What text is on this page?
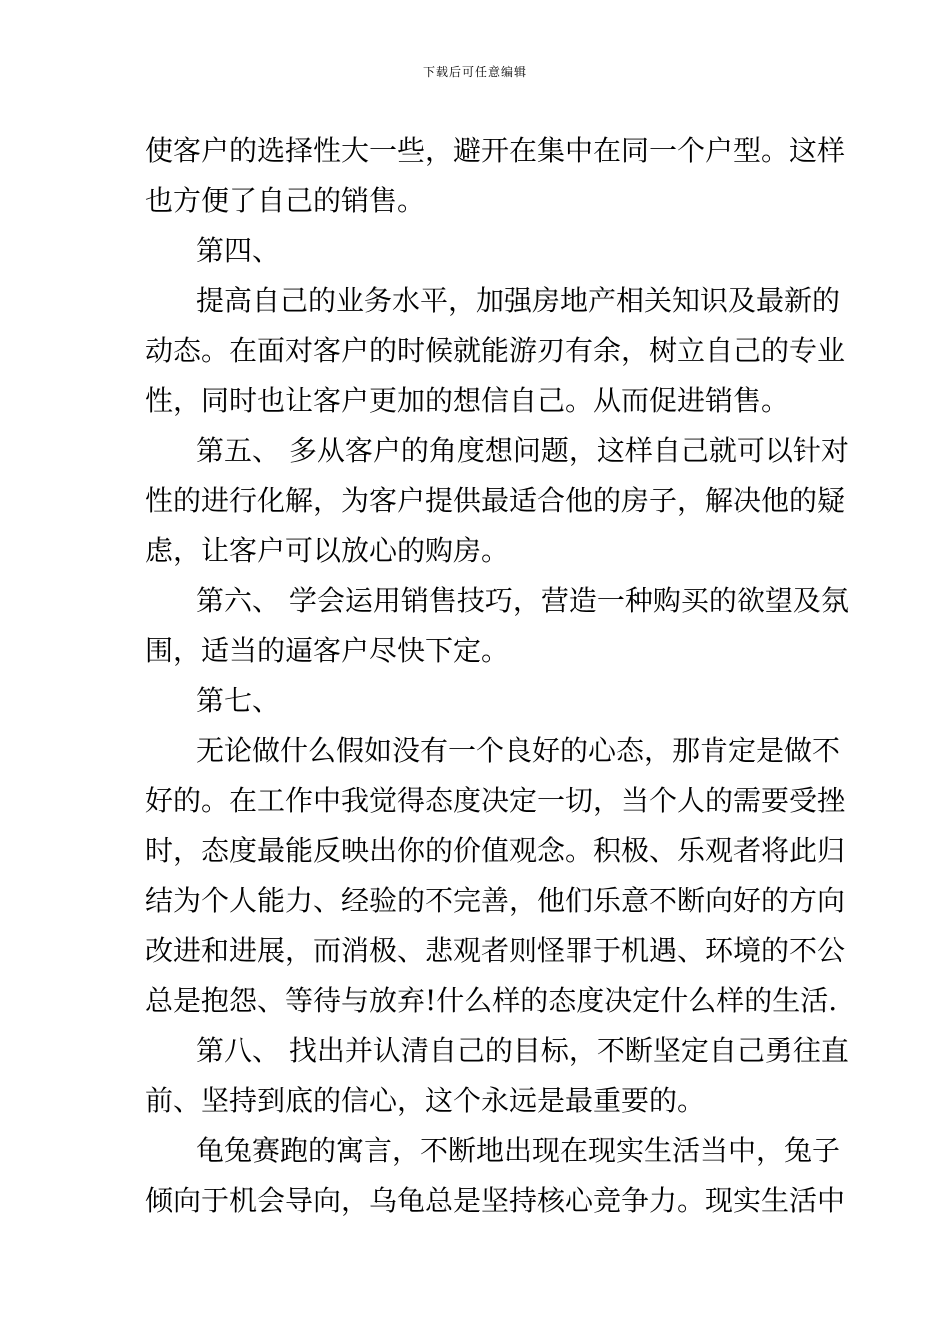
下载后可任意编辑
使客户的选择性大一些，避开在集中在同一个户型。这样
也方便了自己的销售。
第四、
提高自己的业务水平，加强房地产相关知识及最新的
动态。在面对客户的时候就能游刃有余，树立自己的专业
性，同时也让客户更加的想信自己。从而促进销售。
第五、 多从客户的角度想问题，这样自己就可以针对
性的进行化解，为客户提供最适合他的房子，解决他的疑
虑，让客户可以放心的购房。
第六、 学会运用销售技巧，营造一种购买的欲望及氛
围，适当的逼客户尽快下定。
第七、
无论做什么假如没有一个良好的心态，那肯定是做不
好的。在工作中我觉得态度决定一切，当个人的需要受挫
时，态度最能反映出你的价值观念。积极、乐观者将此归
结为个人能力、经验的不完善，他们乐意不断向好的方向
改进和进展，而消极、悲观者则怪罪于机遇、环境的不公
总是抱怨、等待与放弃!什么样的态度决定什么样的生活.
第八、 找出并认清自己的目标，不断坚定自己勇往直
前、坚持到底的信心，这个永远是最重要的。
龟兔赛跑的寓言，不断地出现在现实生活当中，兔子
倾向于机会导向，乌龟总是坚持核心竞争力。现实生活中
